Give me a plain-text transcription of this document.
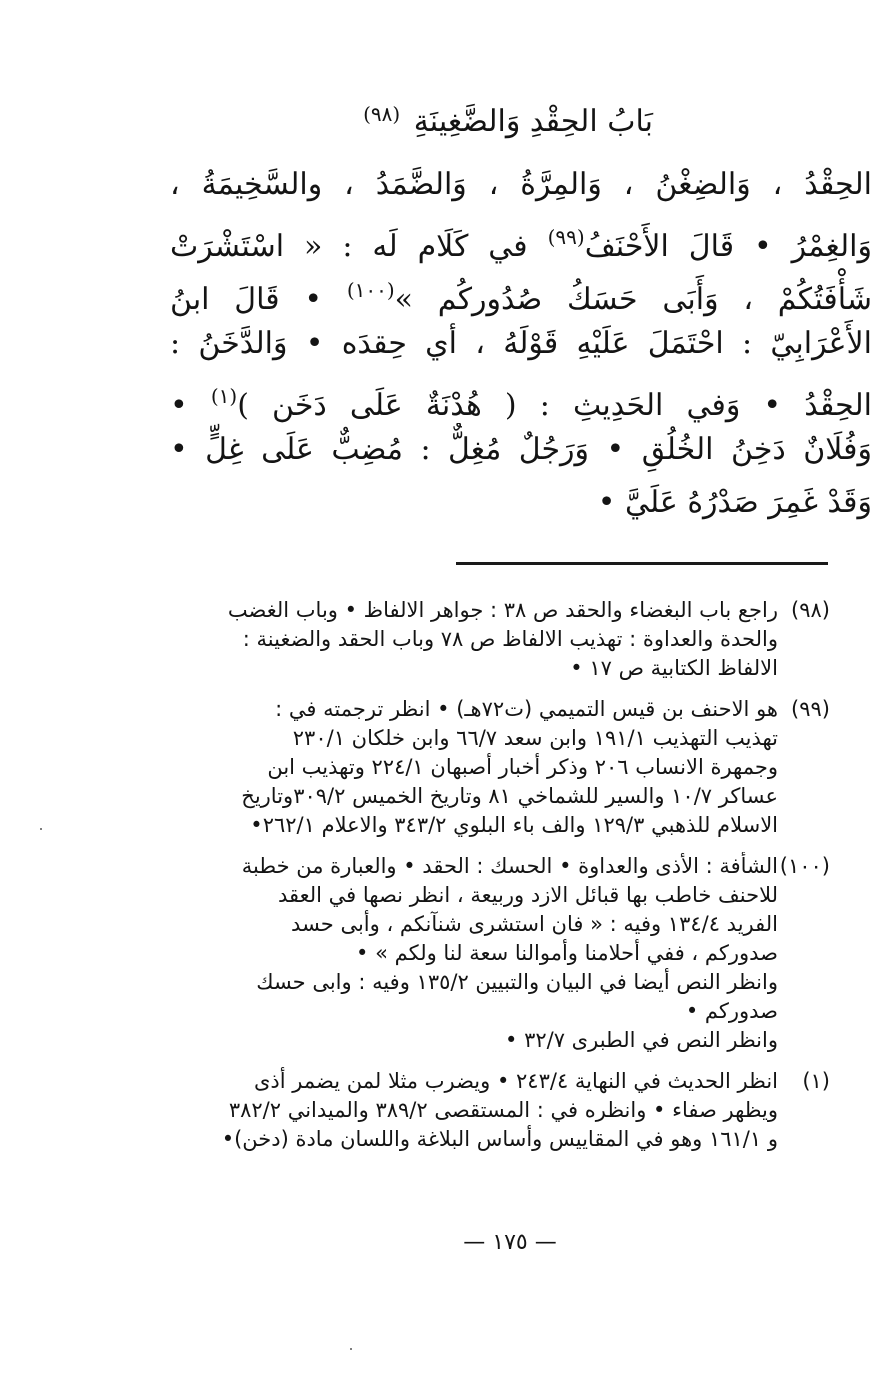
بَابُ الحِقْدِ وَالضَّغِينَةِ $^{(٩٨)}$
الحِقْدُ ، وَالضِغْنُ ، وَالمِرَّةُ ، وَالضَّمَدُ ، والسَّخِيمَةُ ،
وَالغِمْرُ • قَالَ الأَحْنَفُ$^{(٩٩)}$ في كَلَامٍ لَه : « اسْتَشْرَتْ
شَأْفَتُكُمْ ، وَأَبَى حَسَكُ صُدُورِكُم »$^{(١٠٠)}$ • قَالَ ابنُ
الأَعْرَابِيّ : احْتَمَلَ عَلَيْهِ قَوْلَهُ ، أي حِقدَه • وَالدَّخَنُ :
الحِقْدُ • وَفي الحَدِيثِ : ( هُدْنَةٌ عَلَى دَخَنٍ )$^{(١)}$ •
وَفُلَانٌ دَخِنُ الخُلُقِ • وَرَجُلٌ مُغِلٌّ : مُضِبٌّ عَلَى غِلٍّ •
وَقَدْ غَمِرَ صَدْرُهُ عَلَيَّ •
(٩٨)
راجع باب البغضاء والحقد ص ٣٨ : جواهر الالفاظ • وباب الغضب
والحدة والعداوة : تهذيب الالفاظ ص ٧٨ وباب الحقد والضغينة :
الالفاظ الكتابية ص ١٧ •
(٩٩)
هو الاحنف بن قيس التميمي (ت٧٢هـ) • انظر ترجمته في :
تهذيب التهذيب ١٩١/١ وابن سعد ٦٦/٧ وابن خلكان ٢٣٠/١
وجمهرة الانساب ٢٠٦ وذكر أخبار أصبهان ٢٢٤/١ وتهذيب ابن
عساكر ١٠/٧ والسير للشماخي ٨١ وتاريخ الخميس ٣٠٩/٢وتاريخ
الاسلام للذهبي ١٢٩/٣ والف باء البلوي ٣٤٣/٢ والاعلام ٢٦٢/١•
(١٠٠)
الشأفة : الأذى والعداوة • الحسك : الحقد • والعبارة من خطبة
للاحنف خاطب بها قبائل الازد وربيعة ، انظر نصها في العقد
الفريد ١٣٤/٤ وفيه : « فان استشرى شنآنكم ، وأبى حسد
صدوركم ، ففي أحلامنا وأموالنا سعة لنا ولكم » •
وانظر النص أيضا في البيان والتبيين ١٣٥/٢ وفيه : وابى حسك
صدوركم •
وانظر النص في الطبرى ٣٢/٧ •
(١)
انظر الحديث في النهاية ٢٤٣/٤ • ويضرب مثلا لمن يضمر أذى
ويظهر صفاء • وانظره في : المستقصى ٣٨٩/٢ والميداني ٣٨٢/٢
و ١٦١/١ وهو في المقاييس وأساس البلاغة واللسان مادة (دخن)•
— ١٧٥ —
